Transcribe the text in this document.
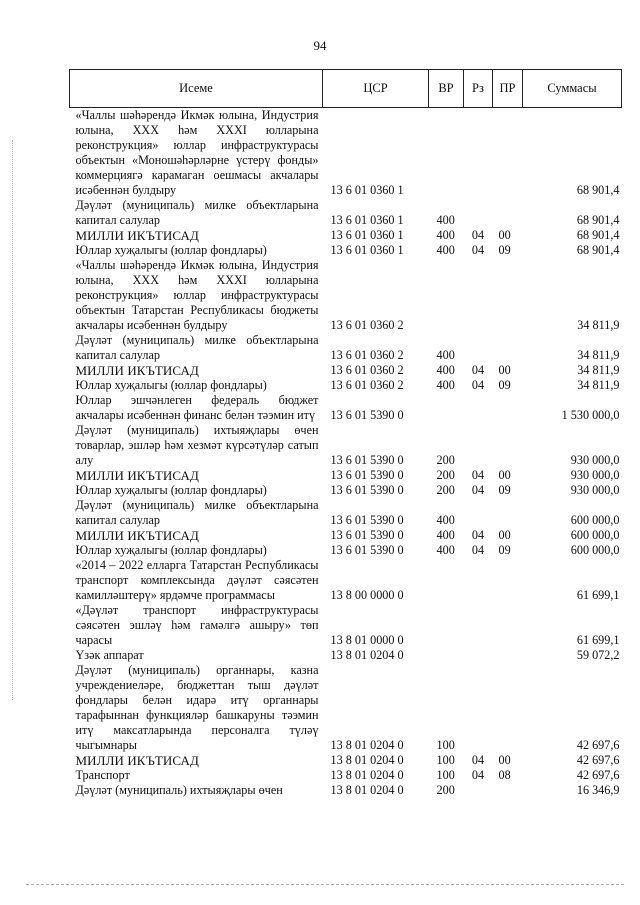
94
Исеме	ЦСР	ВР	Рз	ПР	Суммасы
«Чаллы шәһәрендә Икмәк юлына, Индустрия юлына, XXX һәм XXXI юлларына реконструкция» юллар инфраструктурасы объектын «Моношәһәрләрне үстерү фонды» коммерциягә карамаган оешмасы акчалары исәбеннән булдыру	13 6 01 0360 1				68 901,4
Дәүләт (муниципаль) милке объектларына капитал салулар	13 6 01 0360 1	400			68 901,4
МИЛЛИ ИКЪТИСАД	13 6 01 0360 1	400	04	00	68 901,4
Юллар хуҗалыгы (юллар фондлары)	13 6 01 0360 1	400	04	09	68 901,4
«Чаллы шәһәрендә Икмәк юлына, Индустрия юлына, XXX һәм XXXI юлларына реконструкция» юллар инфраструктурасы объектын Татарстан Республикасы бюджеты акчалары исәбеннән булдыру	13 6 01 0360 2				34 811,9
Дәүләт (муниципаль) милке объектларына капитал салулар	13 6 01 0360 2	400			34 811,9
МИЛЛИ ИКЪТИСАД	13 6 01 0360 2	400	04	00	34 811,9
Юллар хуҗалыгы (юллар фондлары)	13 6 01 0360 2	400	04	09	34 811,9
Юллар эшчәнлеген федераль бюджет акчалары исәбеннән финанс белән тәэмин итү	13 6 01 5390 0				1 530 000,0
Дәүләт (муниципаль) ихтыяҗлары өчен товарлар, эшләр һәм хезмәт күрсәтүләр сатып алу	13 6 01 5390 0	200			930 000,0
МИЛЛИ ИКЪТИСАД	13 6 01 5390 0	200	04	00	930 000,0
Юллар хуҗалыгы (юллар фондлары)	13 6 01 5390 0	200	04	09	930 000,0
Дәүләт (муниципаль) милке объектларына капитал салулар	13 6 01 5390 0	400			600 000,0
МИЛЛИ ИКЪТИСАД	13 6 01 5390 0	400	04	00	600 000,0
Юллар хуҗалыгы (юллар фондлары)	13 6 01 5390 0	400	04	09	600 000,0
«2014 – 2022 елларга Татарстан Республикасы транспорт комплексында дәүләт сәясәтен камилләштерү» ярдәмче программасы	13 8 00 0000 0				61 699,1
«Дәүләт транспорт инфраструктурасы сәясәтен эшләү һәм гамәлгә ашыру» төп чарасы	13 8 01 0000 0				61 699,1
Үзәк аппарат	13 8 01 0204 0				59 072,2
Дәүләт (муниципаль) органнары, казна учреждениеләре, бюджеттан тыш дәүләт фондлары белән идарә итү органнары тарафыннан функцияләр башкаруны тәэмин итү максатларында персоналга түләү чыгымнары	13 8 01 0204 0	100			42 697,6
МИЛЛИ ИКЪТИСАД	13 8 01 0204 0	100	04	00	42 697,6
Транспорт	13 8 01 0204 0	100	04	08	42 697,6
Дәүләт (муниципаль) ихтыяҗлары өчен	13 8 01 0204 0	200			16 346,9
